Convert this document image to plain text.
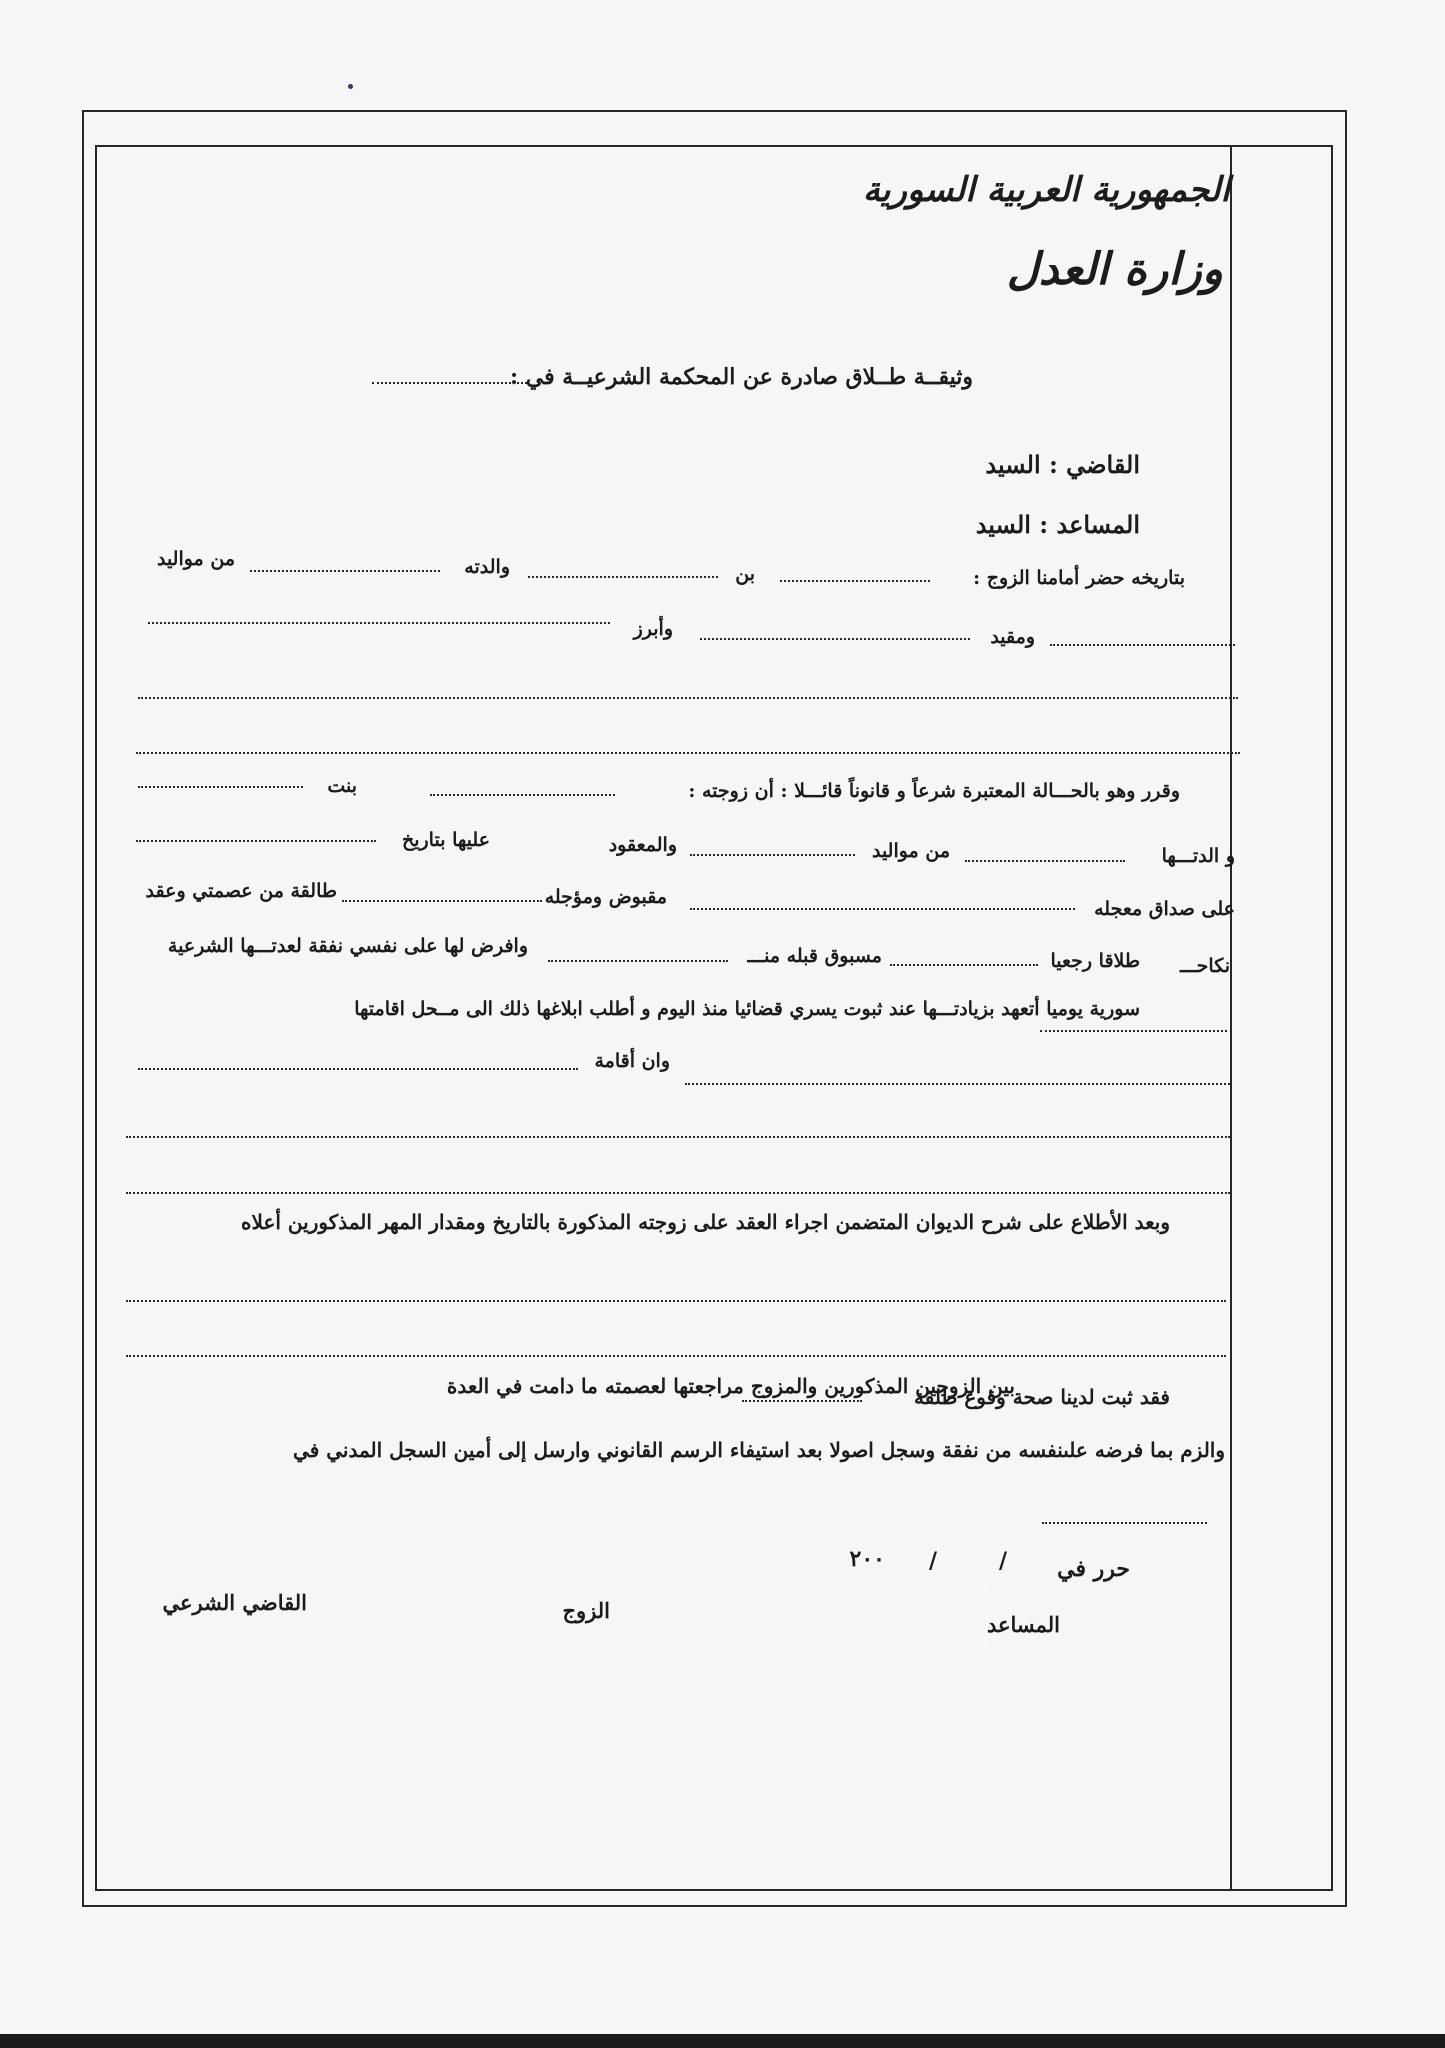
الجمهورية العربية السورية
وزارة العدل
وثيقــة طــلاق صادرة عن المحكمة الشرعيــة في :
القاضي : السيد
المساعد : السيد
بتاريخه حضر أمامنا الزوج :
بن
والدته
من مواليد
ومقيد
وأبرز
وقرر وهو بالحـــالة المعتبرة شرعاً و قانوناً قائـــلا : أن زوجته :
بنت
و الدتـــها
من مواليد
والمعقود
عليها بتاريخ
على صداق معجله
مقبوض ومؤجله
طالقة من عصمتي وعقد
نكاحـــ
طلاقا رجعيا
مسبوق قبله منـــ
وافرض لها على نفسي نفقة لعدتـــها الشرعية
سورية يوميا أتعهد بزيادتـــها عند ثبوت يسري قضائيا منذ اليوم و أطلب ابلاغها ذلك الى مــحل اقامتها
وان أقامة
وبعد الأطلاع على شرح الديوان المتضمن اجراء العقد على زوجته المذكورة بالتاريخ ومقدار المهر المذكورين أعلاه
فقد ثبت لدينا صحة وقوع طلقة
بين الزوجين المذكورين والمزوج مراجعتها لعصمته ما دامت في العدة
والزم بما فرضه علىنفسه من نفقة وسجل اصولا بعد استيفاء الرسم القانوني وارسل إلى أمين السجل المدني في
حرر في
/
/
٢٠٠
المساعد
الزوج
القاضي الشرعي
